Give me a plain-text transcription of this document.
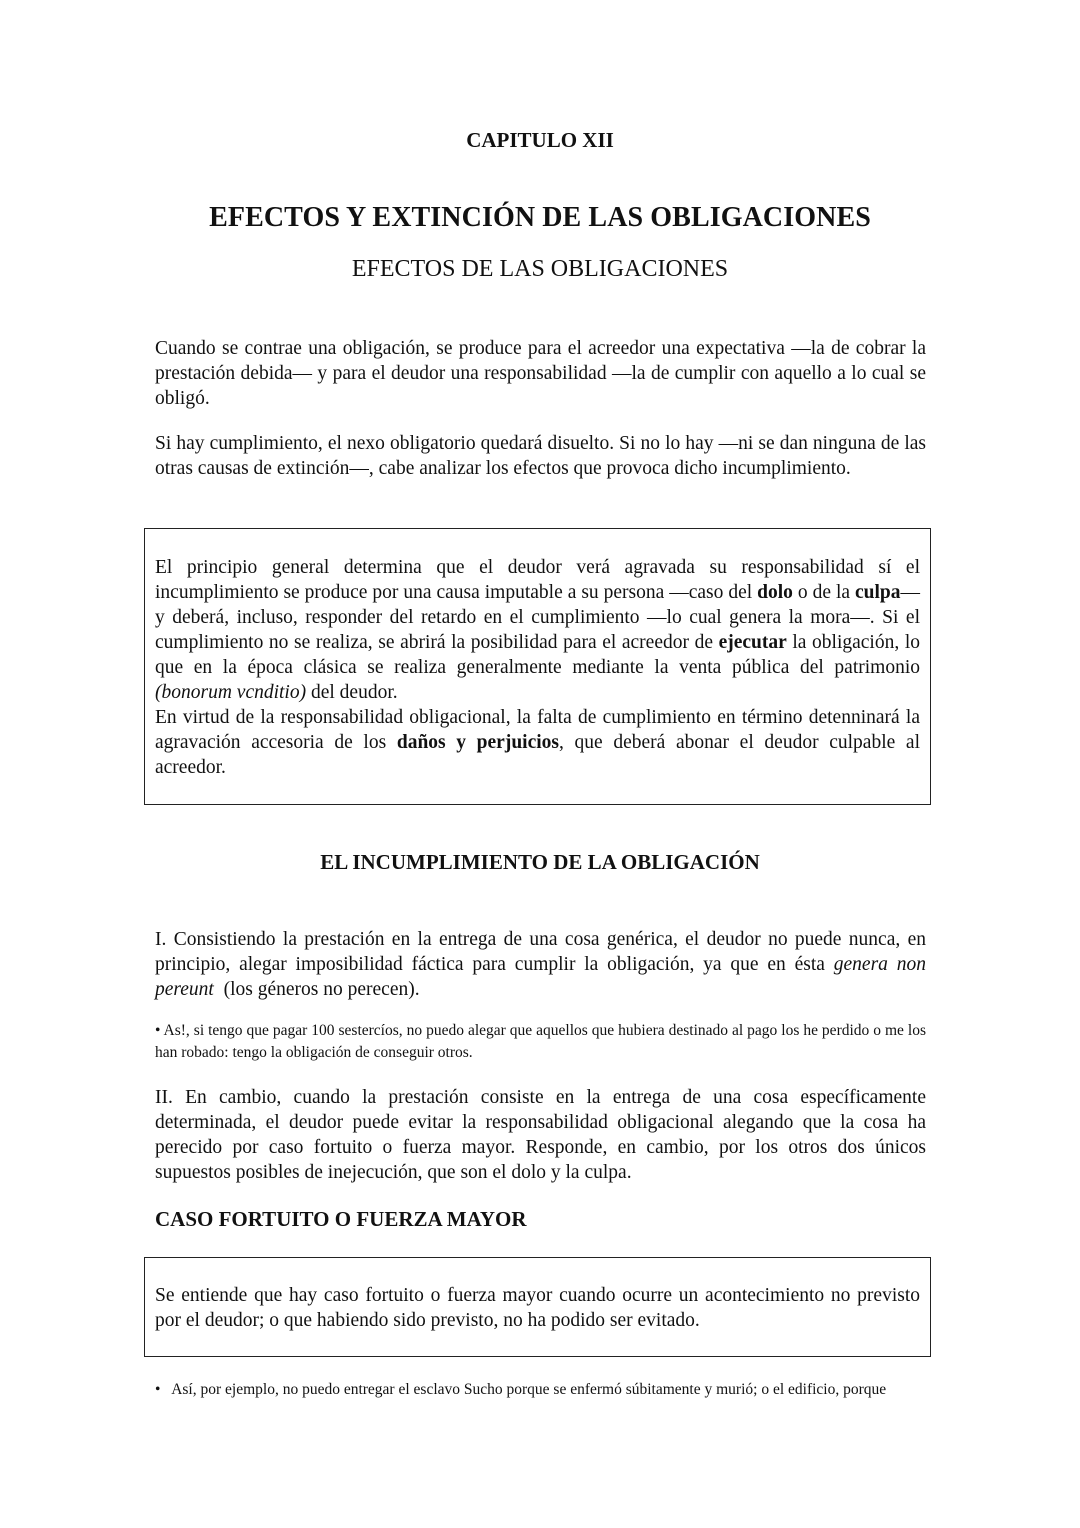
CAPITULO XII
EFECTOS Y EXTINCIÓN DE LAS OBLIGACIONES
EFECTOS DE LAS OBLIGACIONES

Cuando se contrae una obligación, se produce para el acreedor una expectativa —la de cobrar la prestación debida— y para el deudor una responsabilidad —la de cumplir con aquello a lo cual se obligó.

Si hay cumplimiento, el nexo obligatorio quedará disuelto. Si no lo hay —ni se dan ninguna de las otras causas de extinción—, cabe analizar los efectos que provoca dicho incumplimiento.

El principio general determina que el deudor verá agravada su responsabilidad sí el incumplimiento se produce por una causa imputable a su persona —caso del dolo o de la culpa— y deberá, incluso, responder del retardo en el cumplimiento —lo cual genera la mora—. Si el cumplimiento no se realiza, se abrirá la posibilidad para el acreedor de ejecutar la obligación, lo que en la época clásica se realiza generalmente mediante la venta pública del patrimonio (bonorum vcnditio) del deudor.

En virtud de la responsabilidad obligacional, la falta de cumplimiento en término detenninará la agravación accesoria de los daños y perjuicios, que deberá abonar el deudor culpable al acreedor.

EL INCUMPLIMIENTO DE LA OBLIGACIÓN

I. Consistiendo la prestación en la entrega de una cosa genérica, el deudor no puede nunca, en principio, alegar imposibilidad fáctica para cumplir la obligación, ya que en ésta genera non pereunt  (los géneros no perecen).

• As!, si tengo que pagar 100 sestercíos, no puedo alegar que aquellos que hubiera destinado al pago los he perdido o me los han robado: tengo la obligación de conseguir otros.

II. En cambio, cuando la prestación consiste en la entrega de una cosa específicamente determinada, el deudor puede evitar la responsabilidad obligacional alegando que la cosa ha perecido por caso fortuito o fuerza mayor. Responde, en cambio, por los otros dos únicos supuestos posibles de inejecución, que son el dolo y la culpa.

CASO FORTUITO O FUERZA MAYOR

Se entiende que hay caso fortuito o fuerza mayor cuando ocurre un acontecimiento no previsto por el deudor; o que habiendo sido previsto, no ha podido ser evitado.

•   Así, por ejemplo, no puedo entregar el esclavo Sucho porque se enfermó súbitamente y murió; o el edificio, porque
